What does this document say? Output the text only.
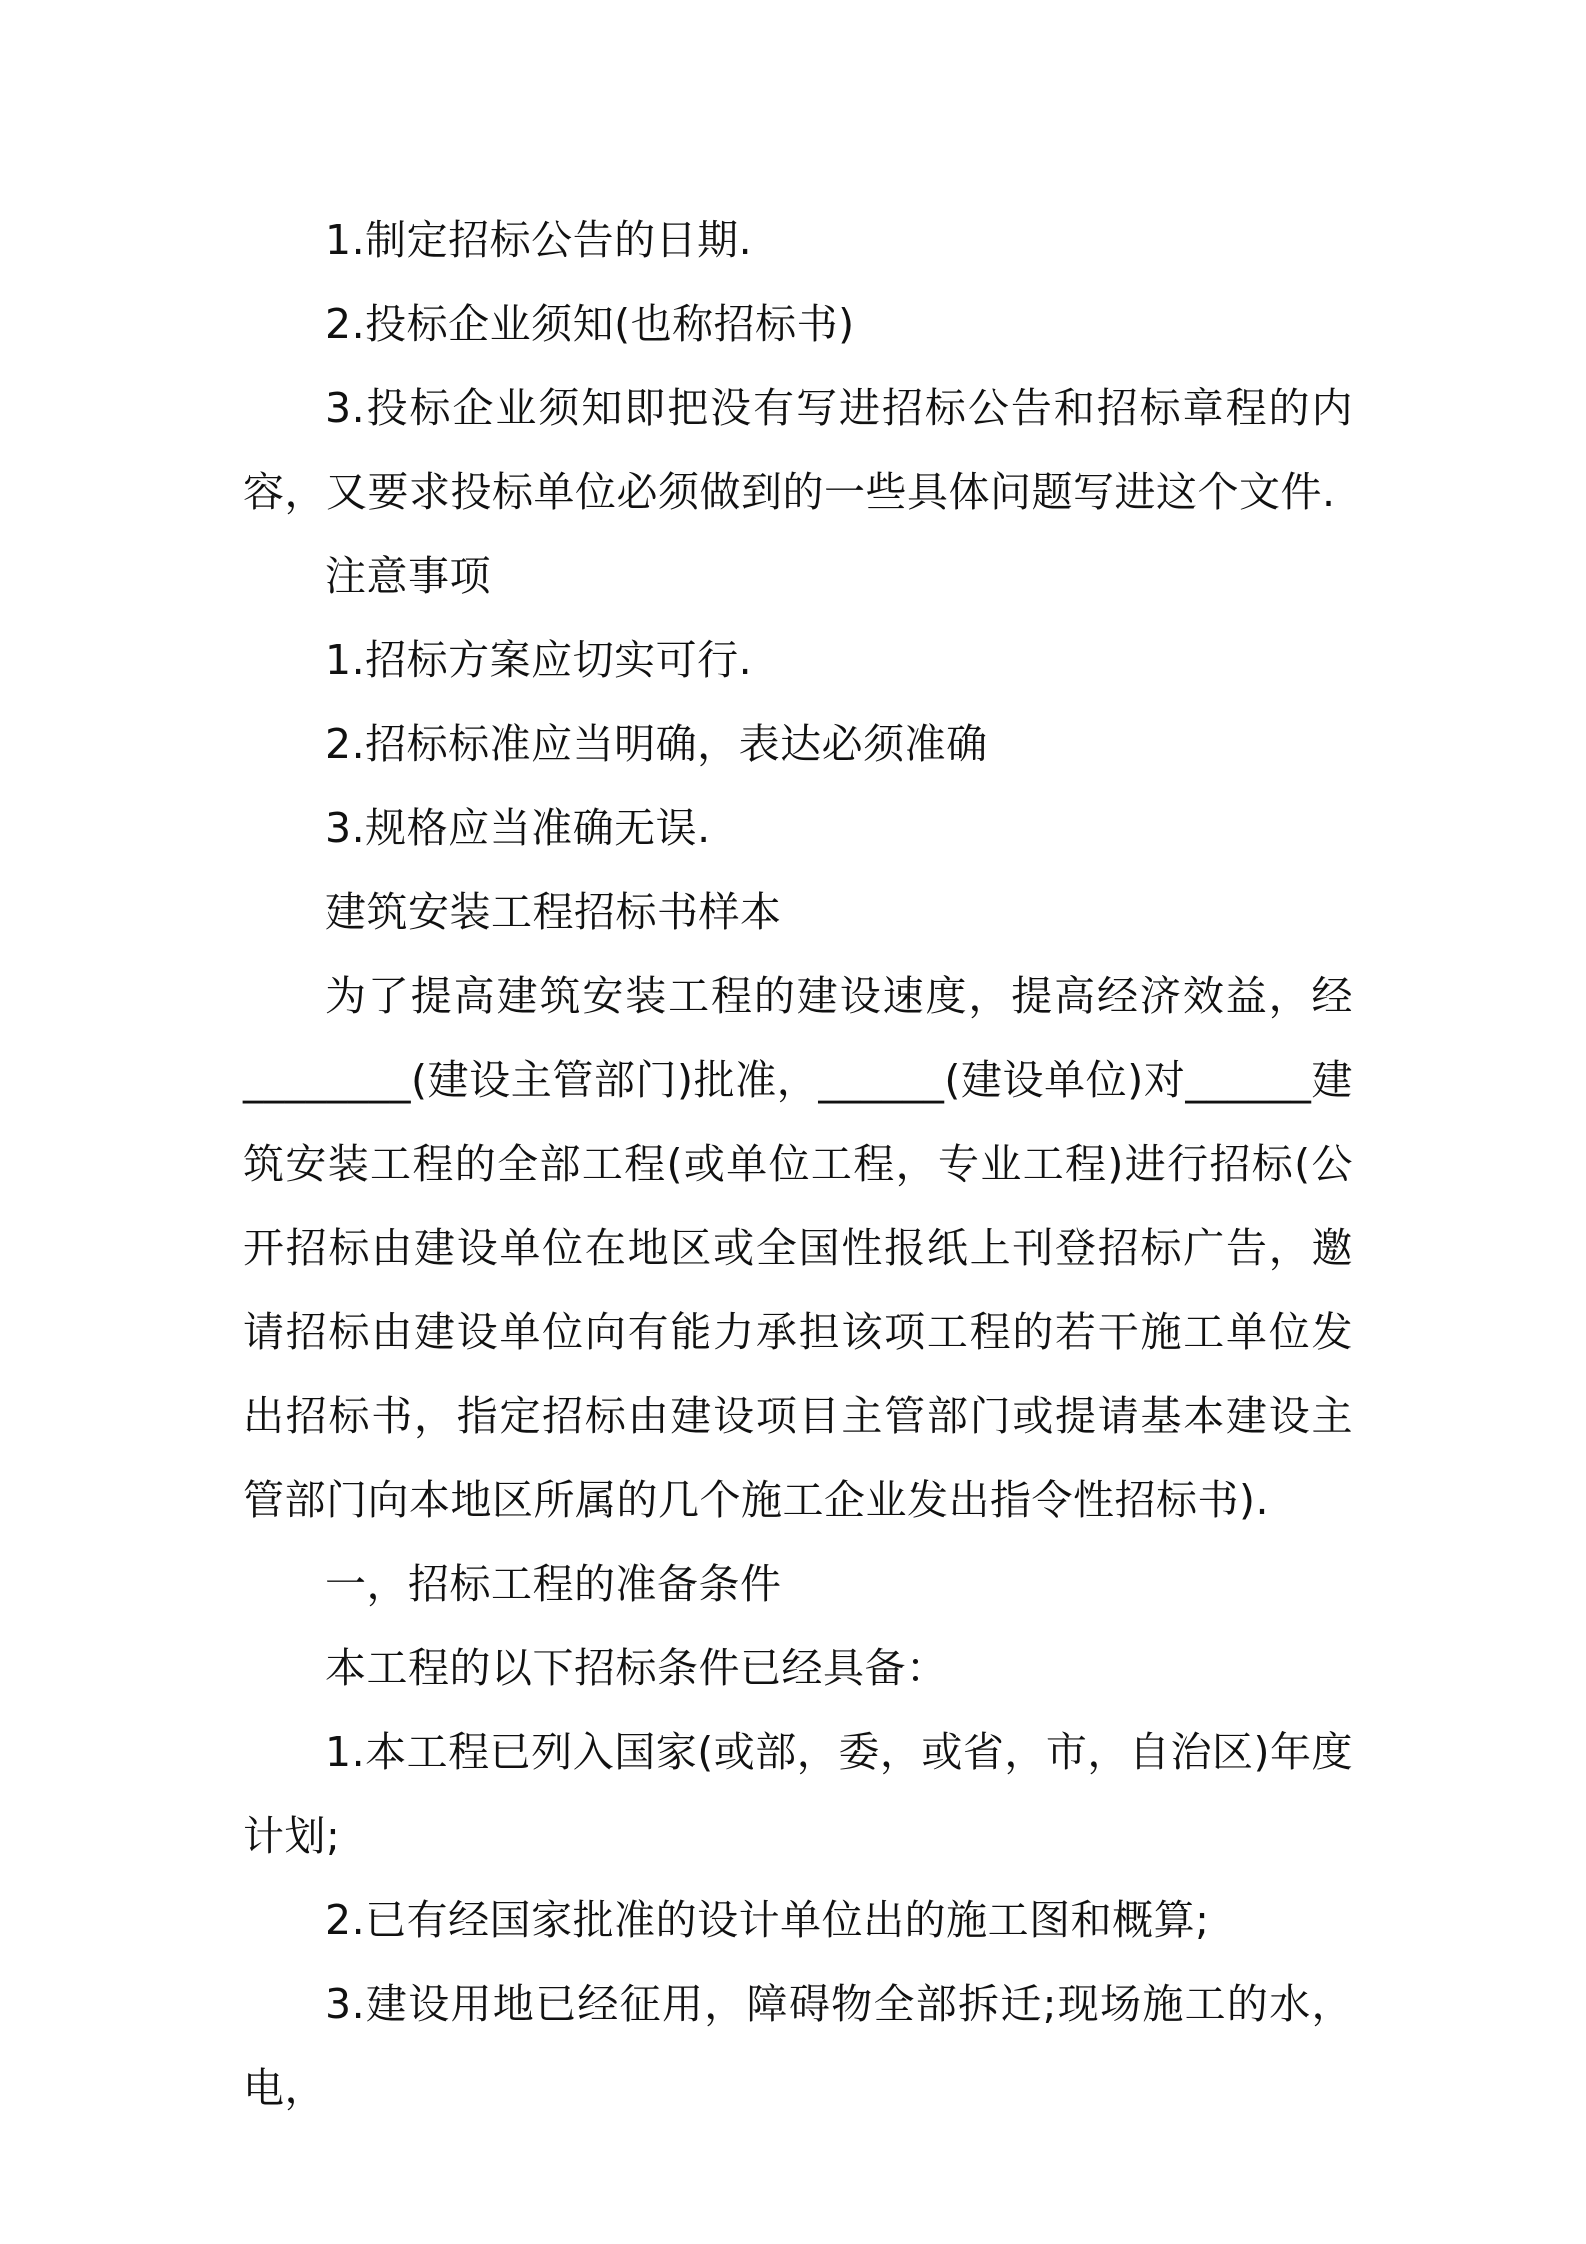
1.制定招标公告的日期.

2.投标企业须知(也称招标书)

3.投标企业须知即把没有写进招标公告和招标章程的内容，又要求投标单位必须做到的一些具体问题写进这个文件.

注意事项

1.招标方案应切实可行.

2.招标标准应当明确，表达必须准确

3.规格应当准确无误.

建筑安装工程招标书样本

为了提高建筑安装工程的建设速度，提高经济效益，经________(建设主管部门)批准，______(建设单位)对______建筑安装工程的全部工程(或单位工程，专业工程)进行招标(公开招标由建设单位在地区或全国性报纸上刊登招标广告，邀请招标由建设单位向有能力承担该项工程的若干施工单位发出招标书，指定招标由建设项目主管部门或提请基本建设主管部门向本地区所属的几个施工企业发出指令性招标书).

一，招标工程的准备条件

本工程的以下招标条件已经具备：

1.本工程已列入国家(或部，委，或省，市，自治区)年度计划;

2.已有经国家批准的设计单位出的施工图和概算;

3.建设用地已经征用，障碍物全部拆迁;现场施工的水，电，
